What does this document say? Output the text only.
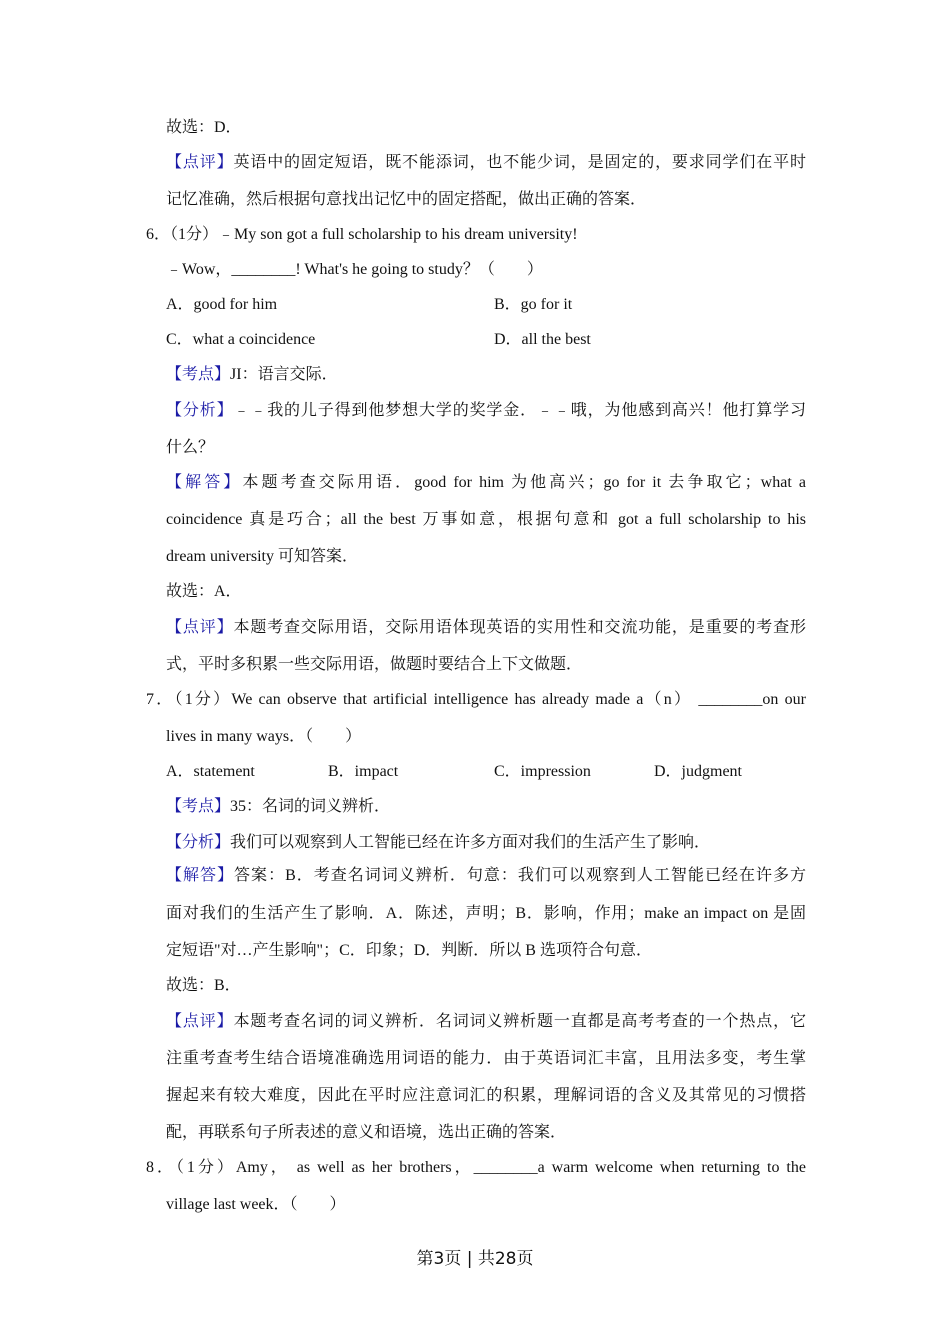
故选：D．
【点评】英语中的固定短语，既不能添词，也不能少词，是固定的，要求同学们在平时
记忆准确，然后根据句意找出记忆中的固定搭配，做出正确的答案．
6．（1分）﹣My son got a full scholarship to his dream university!
﹣Wow，________! What's he going to study？（　　）
A．good for him	B．go for it
C．what a coincidence	D．all the best
【考点】JI：语言交际．
【分析】﹣﹣我的儿子得到他梦想大学的奖学金．﹣﹣哦，为他感到高兴！他打算学习
什么？
【解答】本题考查交际用语．good for him 为他高兴；go for it 去争取它；what a
coincidence 真是巧合；all the best 万事如意，根据句意和 got a full scholarship to his
dream university 可知答案．
故选：A．
【点评】本题考查交际用语，交际用语体现英语的实用性和交流功能，是重要的考查形
式，平时多积累一些交际用语，做题时要结合上下文做题．
7．（1分）We can observe that artificial intelligence has already made a（n） ________on our
lives in many ways．（　　）
A．statement	B．impact	C．impression	D．judgment
【考点】35：名词的词义辨析．
【分析】我们可以观察到人工智能已经在许多方面对我们的生活产生了影响．
【解答】答案：B．考查名词词义辨析．句意：我们可以观察到人工智能已经在许多方
面对我们的生活产生了影响．A．陈述，声明；B．影响，作用；make an impact on 是固
定短语"对…产生影响"；C．印象；D．判断．所以 B 选项符合句意．
故选：B．
【点评】本题考查名词的词义辨析．名词词义辨析题一直都是高考考查的一个热点，它
注重考查考生结合语境准确选用词语的能力．由于英语词汇丰富，且用法多变，考生掌
握起来有较大难度，因此在平时应注意词汇的积累，理解词语的含义及其常见的习惯搭
配，再联系句子所表述的意义和语境，选出正确的答案．
8．（1分）Amy， as well as her brothers，________a warm welcome when returning to the
village last week．（　　）
第3页 | 共28页
